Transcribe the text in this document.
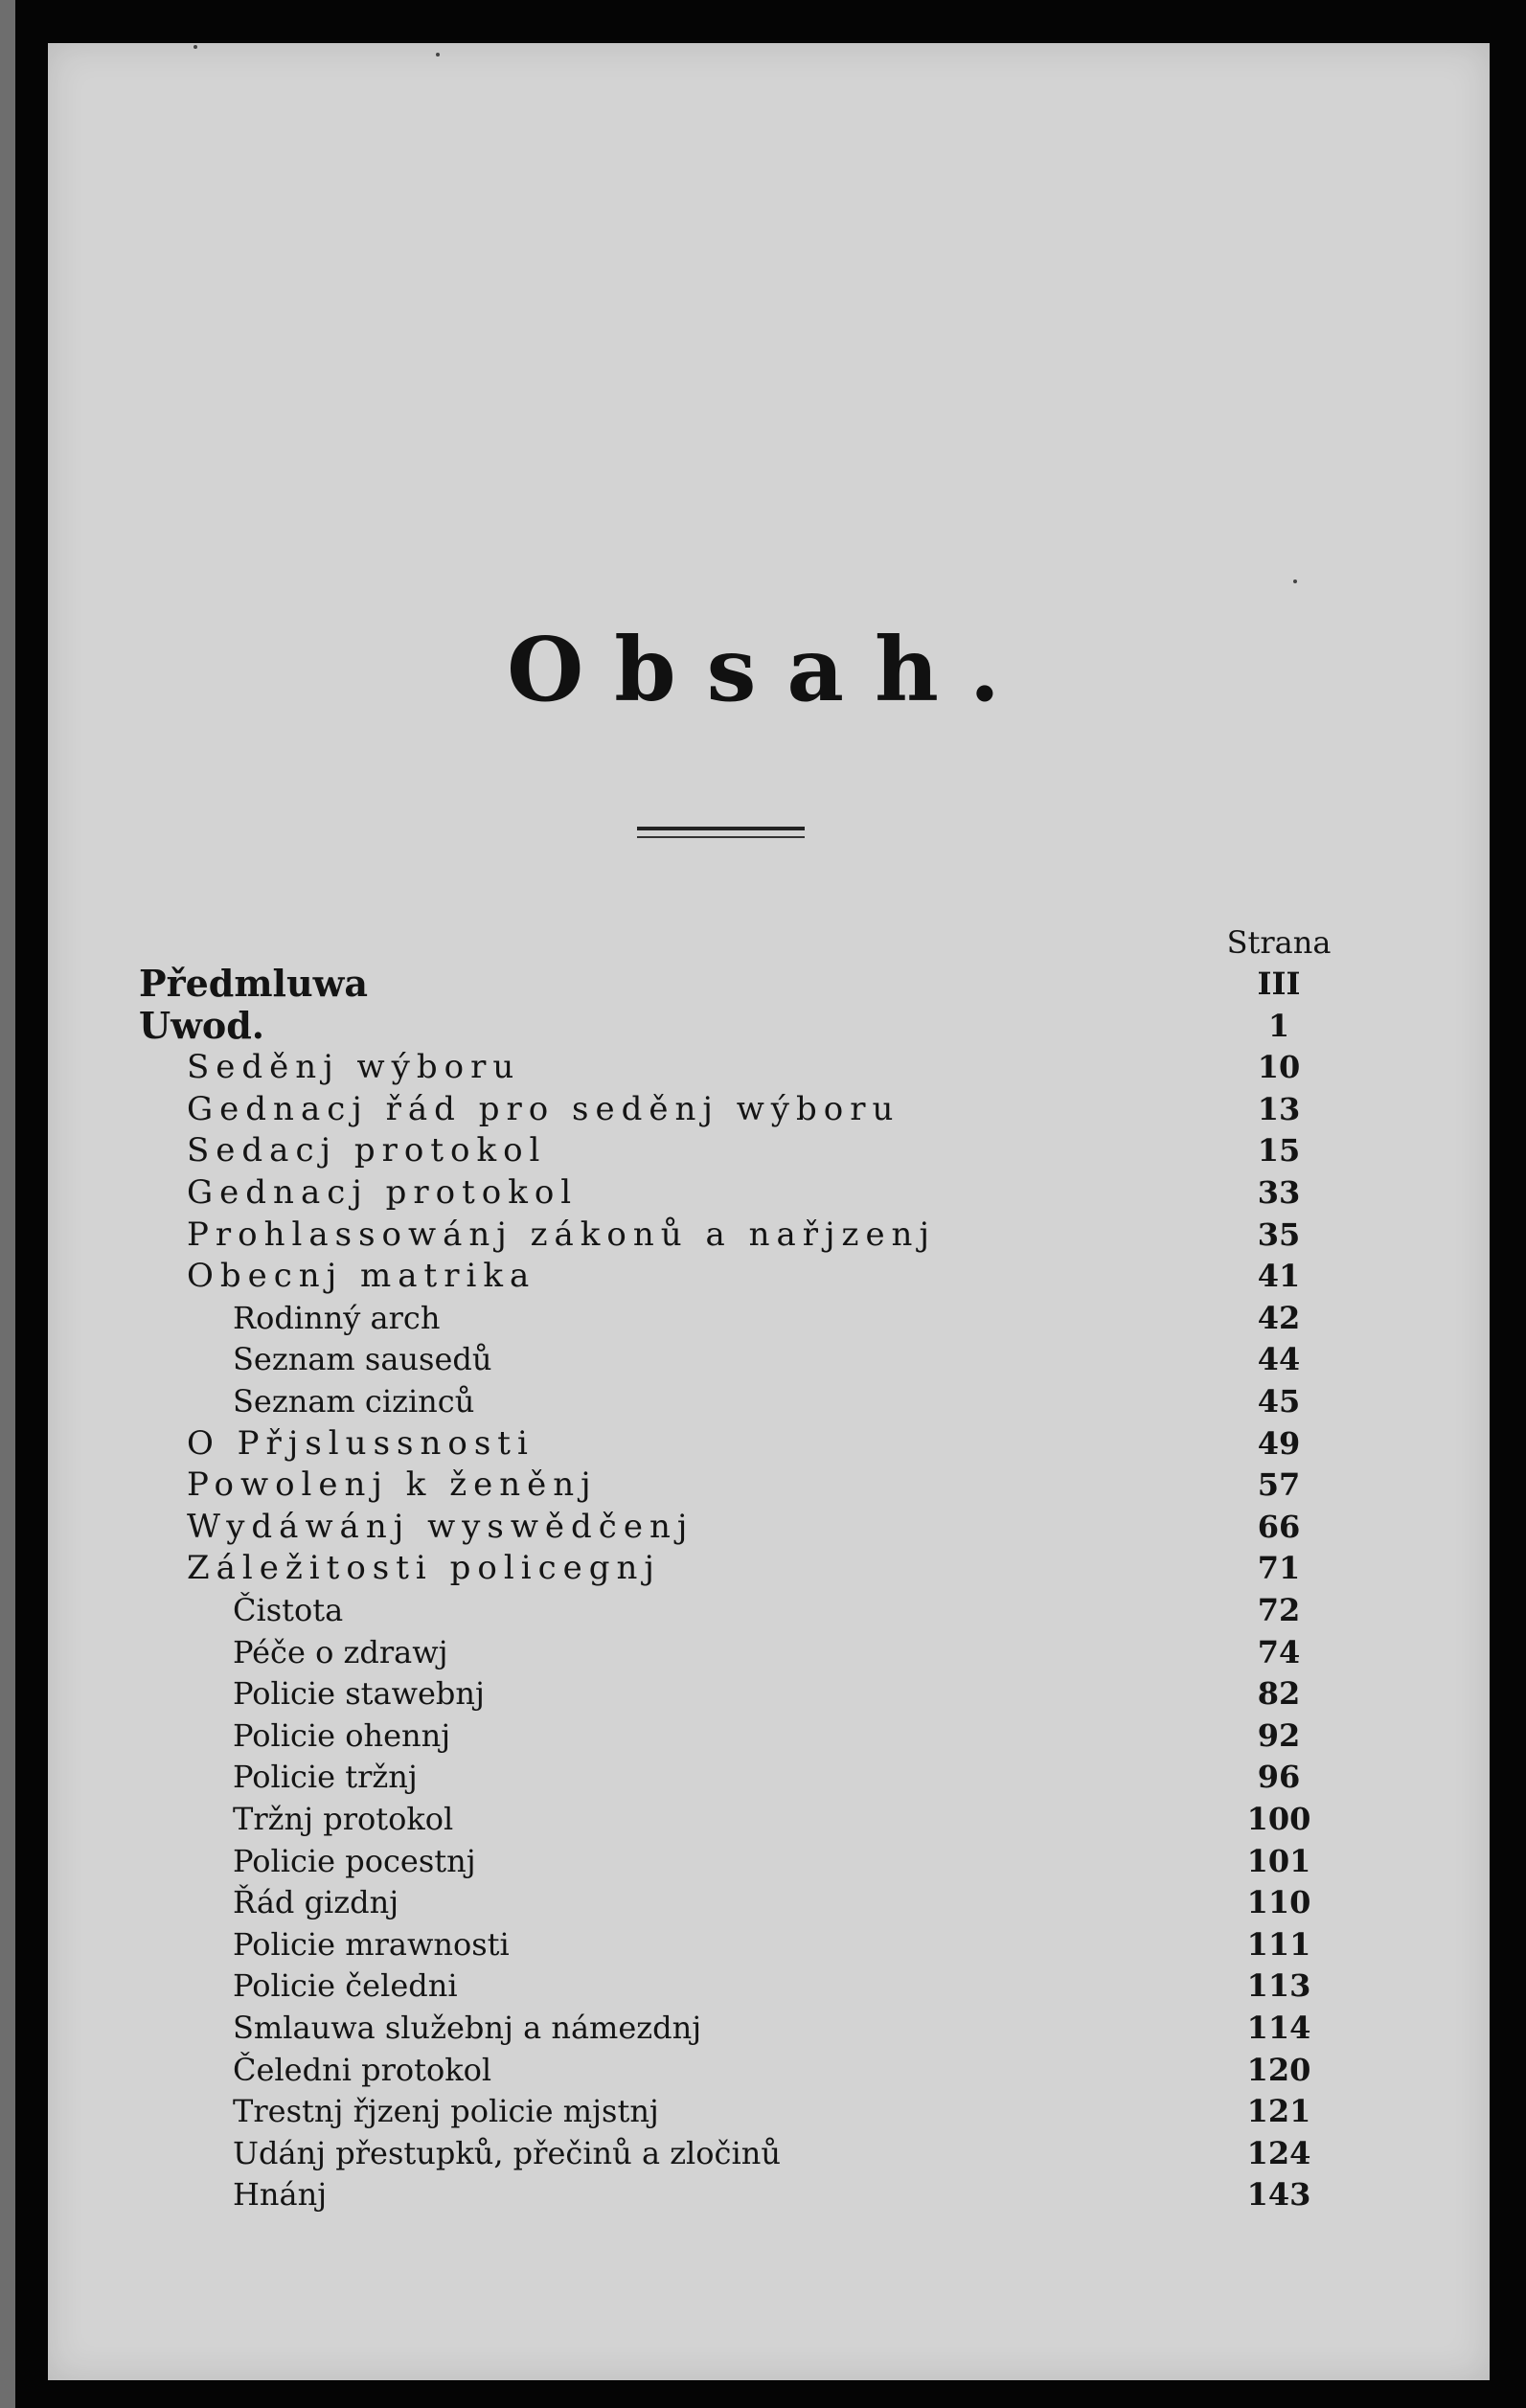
Obsah.
Strana
Předmluwa	III
Uwod.	1
Seděnj wýboru	10
Gednacj řád pro seděnj wýboru	13
Sedacj protokol	15
Gednacj protokol	33
Prohlassowánj zákonů a nařjzenj	35
Obecnj matrika	41
Rodinný arch	42
Seznam sausedů	44
Seznam cizinců	45
O Přjslussnosti	49
Powolenj k ženěnj	57
Wydáwánj wyswědčenj	66
Záležitosti policegnj	71
Čistota	72
Péče o zdrawj	74
Policie stawebnj	82
Policie ohennj	92
Policie tržnj	96
Tržnj protokol	100
Policie pocestnj	101
Řád gizdnj	110
Policie mrawnosti	111
Policie čeledni	113
Smlauwa služebnj a námezdnj	114
Čeledni protokol	120
Trestnj řjzenj policie mjstnj	121
Udánj přestupků, přečinů a zločinů	124
Hnánj	143
